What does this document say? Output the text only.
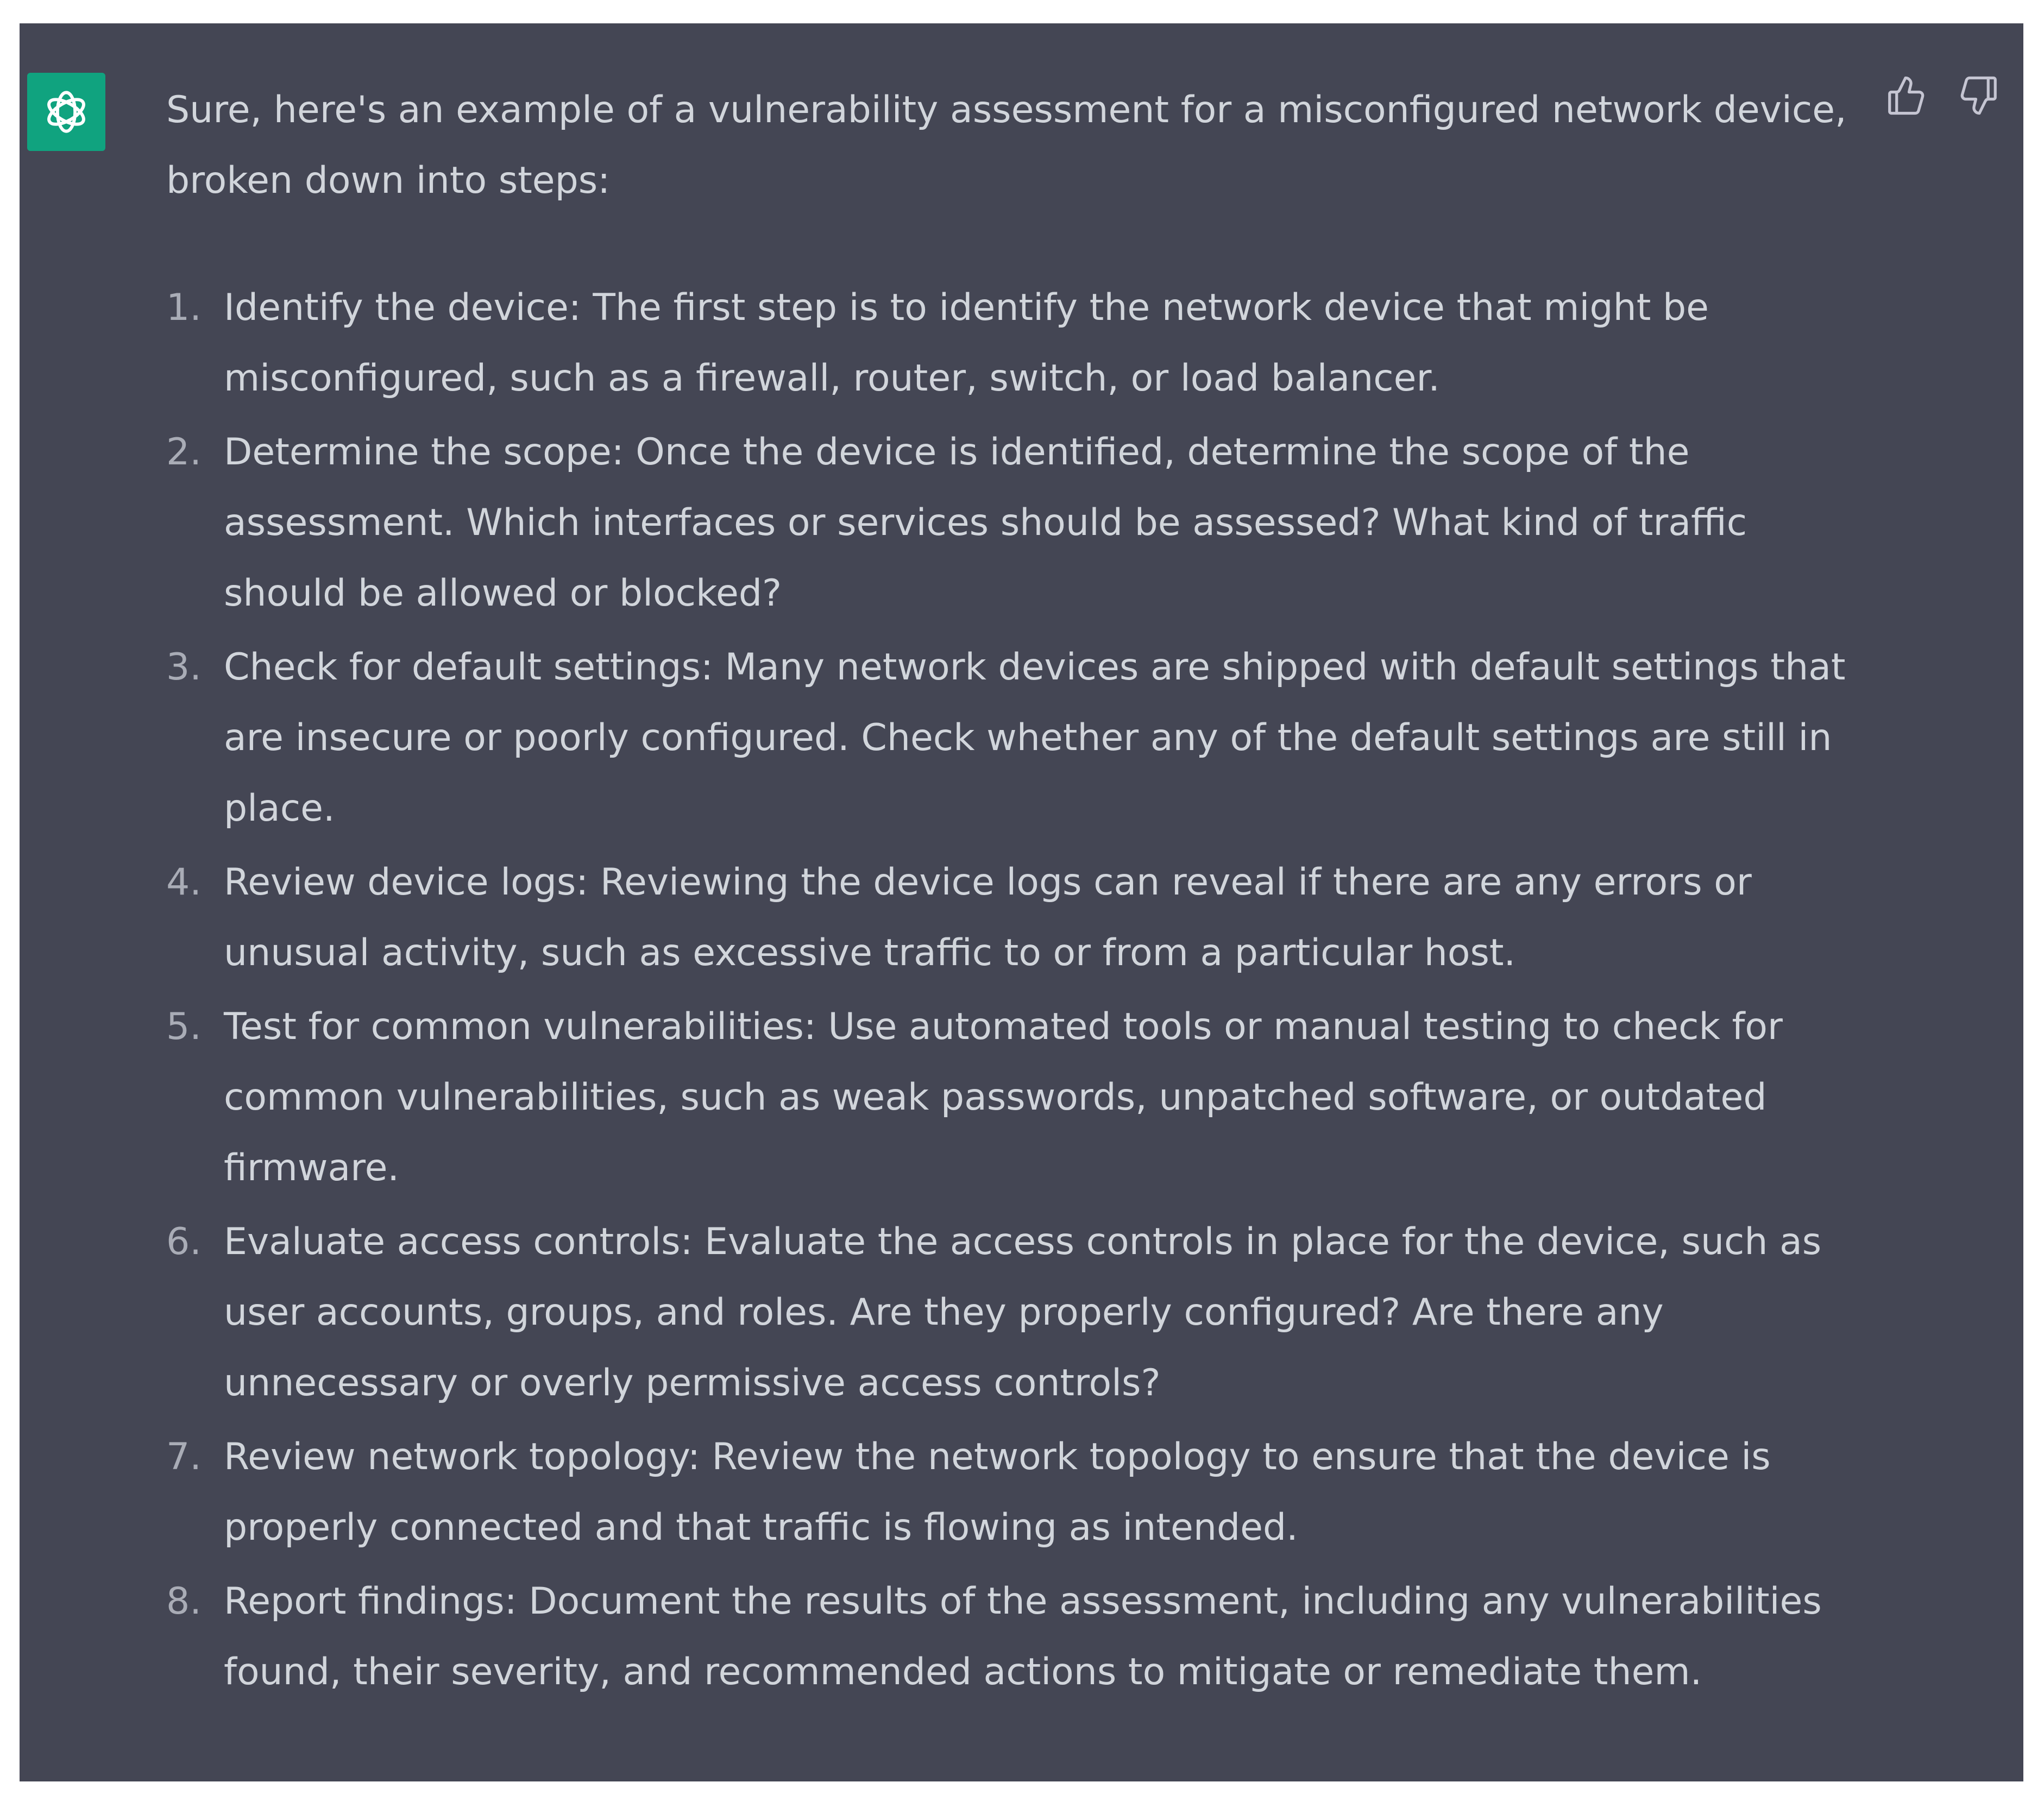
Sure, here's an example of a vulnerability assessment for a misconfigured network device, broken down into steps:

1. Identify the device: The first step is to identify the network device that might be misconfigured, such as a firewall, router, switch, or load balancer.
2. Determine the scope: Once the device is identified, determine the scope of the assessment. Which interfaces or services should be assessed? What kind of traffic should be allowed or blocked?
3. Check for default settings: Many network devices are shipped with default settings that are insecure or poorly configured. Check whether any of the default settings are still in place.
4. Review device logs: Reviewing the device logs can reveal if there are any errors or unusual activity, such as excessive traffic to or from a particular host.
5. Test for common vulnerabilities: Use automated tools or manual testing to check for common vulnerabilities, such as weak passwords, unpatched software, or outdated firmware.
6. Evaluate access controls: Evaluate the access controls in place for the device, such as user accounts, groups, and roles. Are they properly configured? Are there any unnecessary or overly permissive access controls?
7. Review network topology: Review the network topology to ensure that the device is properly connected and that traffic is flowing as intended.
8. Report findings: Document the results of the assessment, including any vulnerabilities found, their severity, and recommended actions to mitigate or remediate them.
